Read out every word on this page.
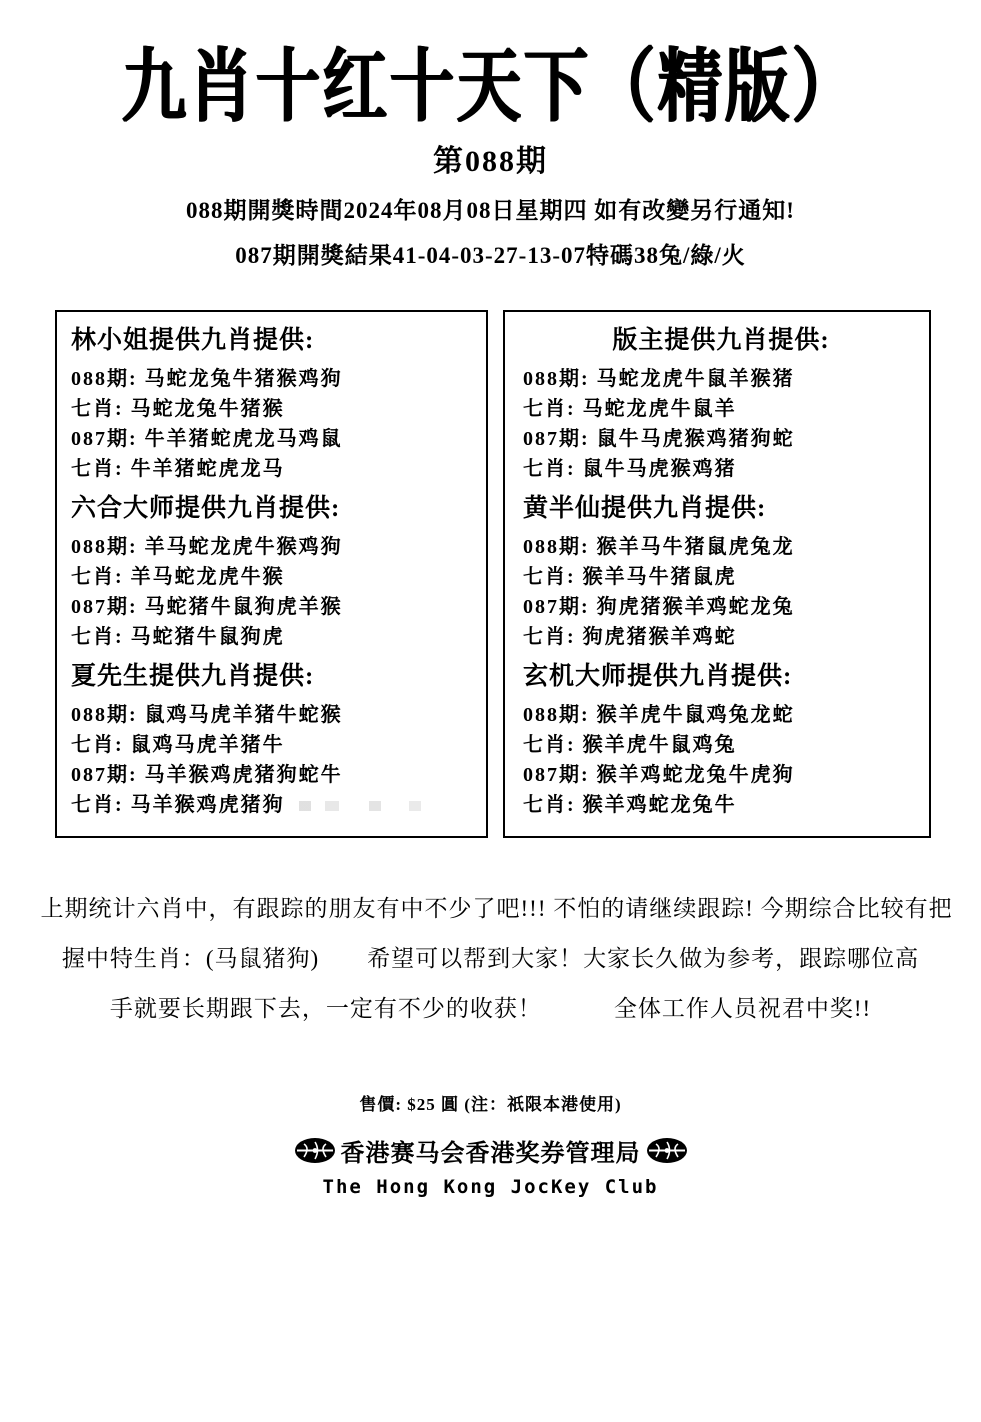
九肖十红十天下（精版）
第088期
088期開獎時間2024年08月08日星期四 如有改變另行通知!
087期開獎結果41-04-03-27-13-07特碼38兔/綠/火
林小姐提供九肖提供:
088期: 马蛇龙兔牛猪猴鸡狗
七肖: 马蛇龙兔牛猪猴
087期: 牛羊猪蛇虎龙马鸡鼠
七肖: 牛羊猪蛇虎龙马
六合大师提供九肖提供:
088期: 羊马蛇龙虎牛猴鸡狗
七肖: 羊马蛇龙虎牛猴
087期: 马蛇猪牛鼠狗虎羊猴
七肖: 马蛇猪牛鼠狗虎
夏先生提供九肖提供:
088期: 鼠鸡马虎羊猪牛蛇猴
七肖: 鼠鸡马虎羊猪牛
087期: 马羊猴鸡虎猪狗蛇牛
七肖: 马羊猴鸡虎猪狗
版主提供九肖提供:
088期: 马蛇龙虎牛鼠羊猴猪
七肖: 马蛇龙虎牛鼠羊
087期: 鼠牛马虎猴鸡猪狗蛇
七肖: 鼠牛马虎猴鸡猪
黄半仙提供九肖提供:
088期: 猴羊马牛猪鼠虎兔龙
七肖: 猴羊马牛猪鼠虎
087期: 狗虎猪猴羊鸡蛇龙兔
七肖: 狗虎猪猴羊鸡蛇
玄机大师提供九肖提供:
088期: 猴羊虎牛鼠鸡兔龙蛇
七肖: 猴羊虎牛鼠鸡兔
087期: 猴羊鸡蛇龙兔牛虎狗
七肖: 猴羊鸡蛇龙兔牛
上期统计六肖中，有跟踪的朋友有中不少了吧!!! 不怕的请继续跟踪! 今期综合比较有把
握中特生肖：(马鼠猪狗)　　希望可以帮到大家！大家长久做为参考，跟踪哪位高
手就要长期跟下去，一定有不少的收获！　　　全体工作人员祝君中奖!!
售價: $25 圓 (注：祇限本港使用)
香港赛马会香港奖券管理局
The Hong Kong JocKey Club
